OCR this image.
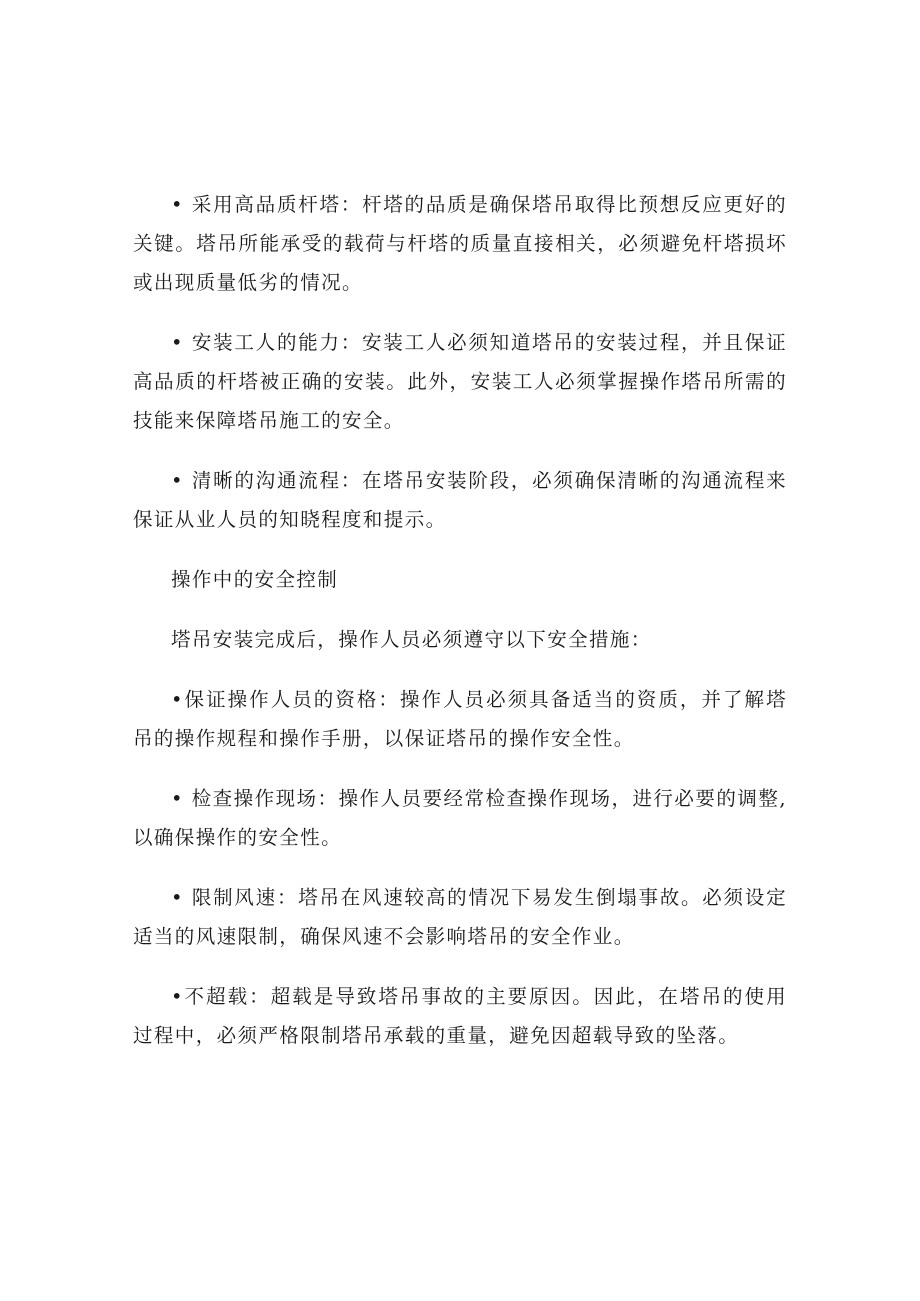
• 采用高品质杆塔：杆塔的品质是确保塔吊取得比预想反应更好的关键。塔吊所能承受的载荷与杆塔的质量直接相关，必须避免杆塔损坏或出现质量低劣的情况。

• 安装工人的能力：安装工人必须知道塔吊的安装过程，并且保证高品质的杆塔被正确的安装。此外，安装工人必须掌握操作塔吊所需的技能来保障塔吊施工的安全。

• 清晰的沟通流程：在塔吊安装阶段，必须确保清晰的沟通流程来保证从业人员的知晓程度和提示。

操作中的安全控制

塔吊安装完成后，操作人员必须遵守以下安全措施：

•保证操作人员的资格：操作人员必须具备适当的资质，并了解塔吊的操作规程和操作手册，以保证塔吊的操作安全性。

• 检查操作现场：操作人员要经常检查操作现场，进行必要的调整,以确保操作的安全性。

• 限制风速：塔吊在风速较高的情况下易发生倒塌事故。必须设定适当的风速限制，确保风速不会影响塔吊的安全作业。

•不超载：超载是导致塔吊事故的主要原因。因此，在塔吊的使用过程中，必须严格限制塔吊承载的重量，避免因超载导致的坠落。
